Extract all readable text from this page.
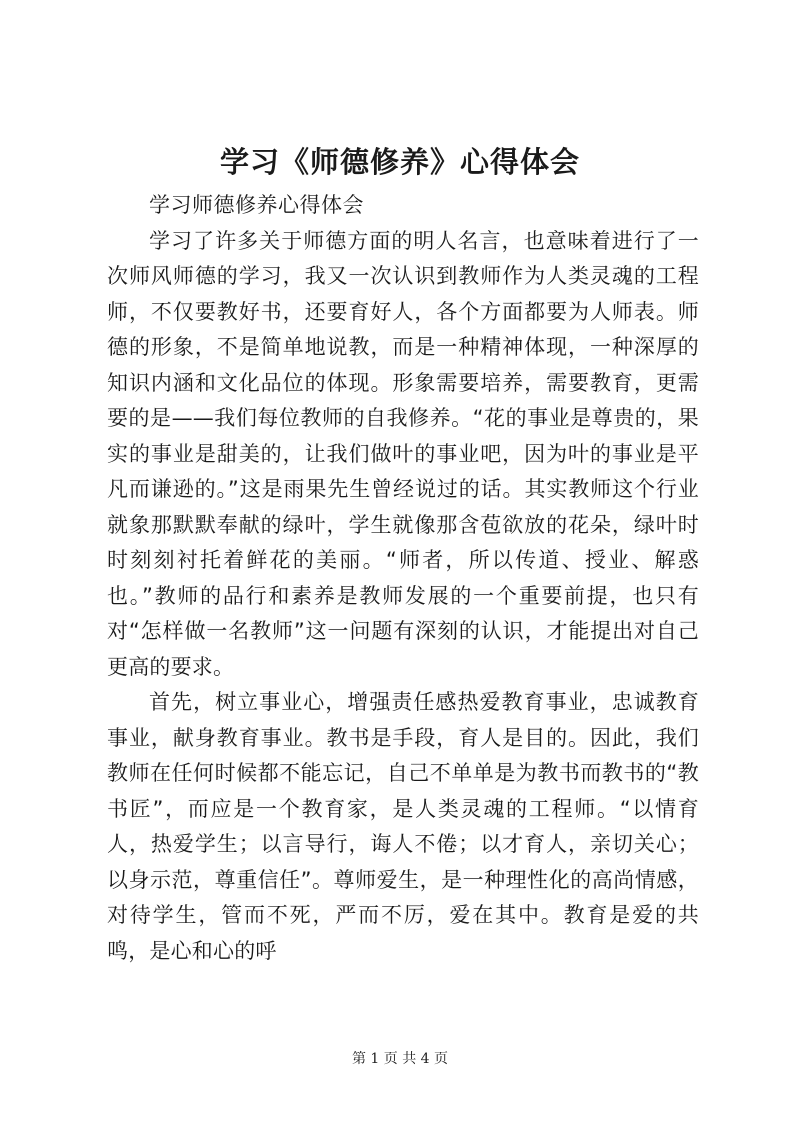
学习《师德修养》心得体会

学习师德修养心得体会

学习了许多关于师德方面的明人名言，也意味着进行了一次师风师德的学习，我又一次认识到教师作为人类灵魂的工程师，不仅要教好书，还要育好人，各个方面都要为人师表。师德的形象，不是简单地说教，而是一种精神体现，一种深厚的知识内涵和文化品位的体现。形象需要培养，需要教育，更需要的是——我们每位教师的自我修养。“花的事业是尊贵的，果实的事业是甜美的，让我们做叶的事业吧，因为叶的事业是平凡而谦逊的。”这是雨果先生曾经说过的话。其实教师这个行业就象那默默奉献的绿叶，学生就像那含苞欲放的花朵，绿叶时时刻刻衬托着鲜花的美丽。“师者，所以传道、授业、解惑也。”教师的品行和素养是教师发展的一个重要前提，也只有对“怎样做一名教师”这一问题有深刻的认识，才能提出对自己更高的要求。

首先，树立事业心，增强责任感热爱教育事业，忠诚教育事业，献身教育事业。教书是手段，育人是目的。因此，我们教师在任何时候都不能忘记，自己不单单是为教书而教书的“教书匠”，而应是一个教育家，是人类灵魂的工程师。“以情育人，热爱学生；以言导行，诲人不倦；以才育人，亲切关心；以身示范，尊重信任”。尊师爱生，是一种理性化的高尚情感，对待学生，管而不死，严而不厉，爱在其中。教育是爱的共鸣，是心和心的呼

第 1 页 共 4 页
